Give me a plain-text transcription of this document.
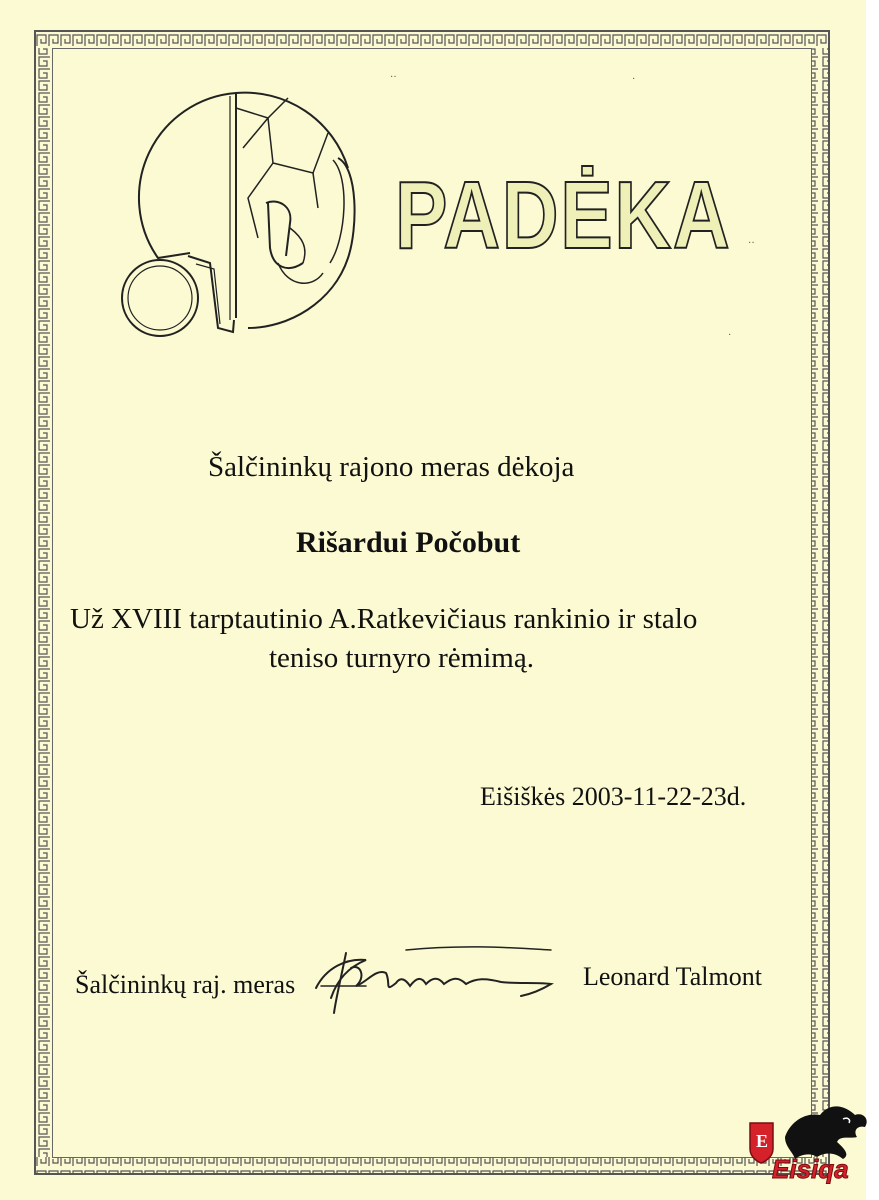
PADĖKA
Šalčininkų rajono meras dėkoja
Rišardui Počobut
Už XVIII tarptautinio A.Ratkevičiaus rankinio ir stalo
teniso turnyro rėmimą.
Eišiškės 2003-11-22-23d.
Šalčininkų raj. meras	Leonard Talmont
··	·
··
·
E
Eisiqa
